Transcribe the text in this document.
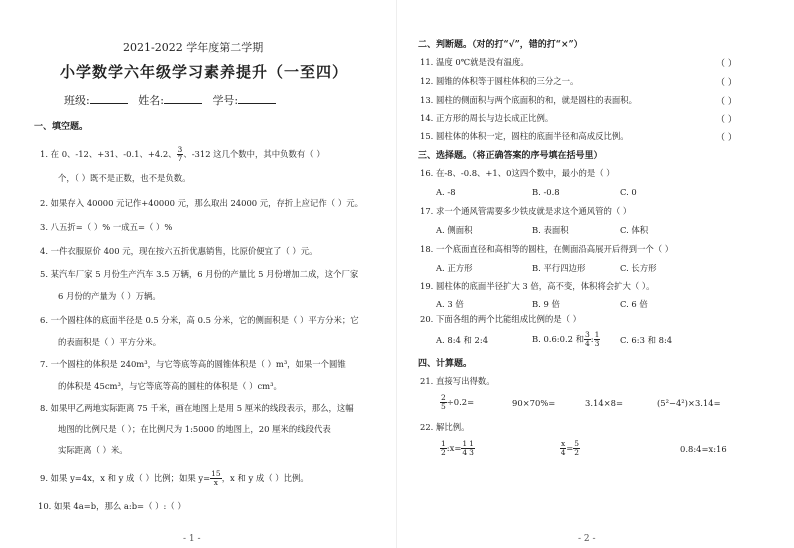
2021-2022 学年度第二学期
小学数学六年级学习素养提升（一至四）
班级:	姓名:	学号:
一、填空题。
1. 在 0、-12、+31、-0.1、+4.2、 $\frac{3}{7}$ 、-312 这几个数中，其中负数有（ ）
个，（ ）既不是正数，也不是负数。
2. 如果存入 40000 元记作+40000 元，那么取出 24000 元，存折上应记作（ ）元。
3. 八五折=（ ）% 一成五=（ ）%
4. 一件衣服原价 400 元，现在按六五折优惠销售，比原价便宜了（ ）元。
5. 某汽车厂家 5 月份生产汽车 3.5 万辆，6 月份的产量比 5 月份增加二成，这个厂家
6 月份的产量为（ ）万辆。
6. 一个圆柱体的底面半径是 0.5 分米，高 0.5 分米，它的侧面积是（ ）平方分米；它
的表面积是（ ）平方分米。
7. 一个圆柱的体积是 240m³，与它等底等高的圆锥体积是（ ）m³，如果一个圆锥
的体积是 45cm³，与它等底等高的圆柱的体积是（ ）cm³。
8. 如果甲乙两地实际距离 75 千米，画在地图上是用 5 厘米的线段表示，那么，这幅
地图的比例尺是（ ）；在比例尺为 1:5000 的地图上，20 厘米的线段代表
实际距离（ ）米。
9. 如果 y=4x，x 和 y 成（ ）比例；如果 $y= \frac{15}{x}$ ，x 和 y 成（ ）比例。
10. 如果 4a=b，那么 a:b=（ ）:（ ）
- 1 -
二、判断题。（对的打“√”，错的打“×”）
11. 温度 0℃就是没有温度。	（ ）
12. 圆锥的体积等于圆柱体积的三分之一。	（ ）
13. 圆柱的侧面积与两个底面积的和，就是圆柱的表面积。	（ ）
14. 正方形的周长与边长成正比例。	（ ）
15. 圆柱体的体积一定，圆柱的底面半径和高成反比例。	（ ）
三、选择题。（将正确答案的序号填在括号里）
16. 在-8、-0.8、+1、0这四个数中，最小的是（ ）
A. -8	B. -0.8	C. 0
17. 求一个通风管需要多少铁皮就是求这个通风管的（ ）
A. 侧面积	B. 表面积	C. 体积
18. 一个底面直径和高相等的圆柱，在侧面沿高展开后得到一个（ ）
A. 正方形	B. 平行四边形	C. 长方形
19. 圆柱体的底面半径扩大 3 倍，高不变，体积将会扩大（ ）。
A. 3 倍	B. 9 倍	C. 6 倍
20. 下面各组的两个比能组成比例的是（ ）
A. 8:4 和 2:4	B. 0.6:0.2 和 $\frac{3}{4}$ : $\frac{1}{3} C$. 6:3 和 8:4
四、计算题。
21. 直接写出得数。
$\frac{2}{5} \div 0.2=$	90×70%=	3.14×8=	(5²−4²)×3.14=
22. 解比例。
$\frac{1}{2}$ :x= $\frac{1}{4} \frac{1}{3}$	$\frac{x}{4} = \frac{5}{2}$	0.8:4=x:16
- 2 -
